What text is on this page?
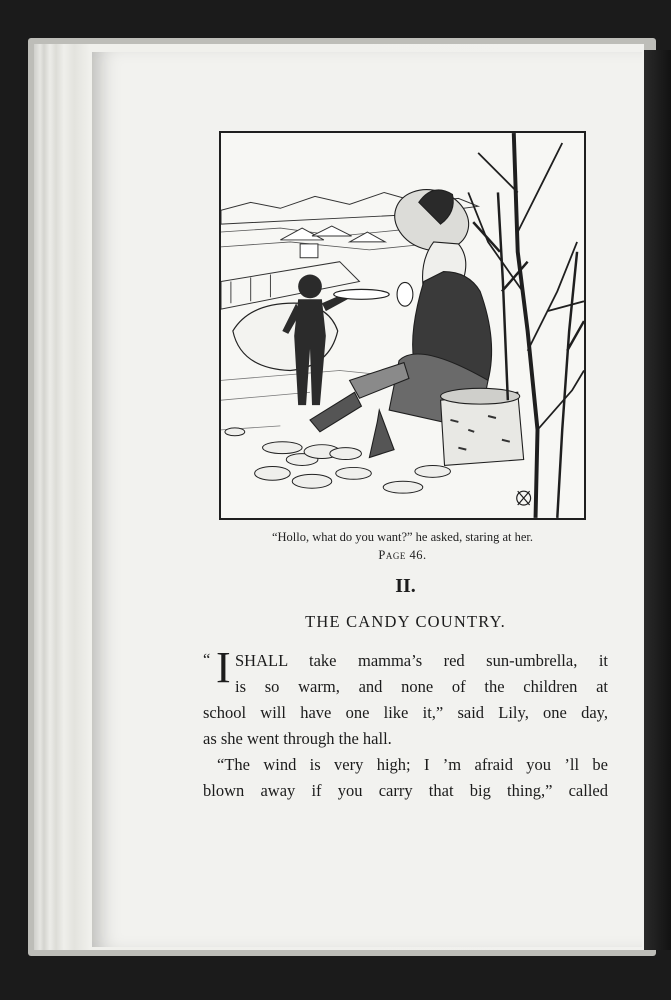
“Hollo, what do you want?” he asked, staring at her.
Page 46.
II.
THE CANDY COUNTRY.
“ I SHALL take mamma’s red sun-umbrella, it
is so warm, and none of the children at
school will have one like it,” said Lily, one day,
as she went through the hall.
“The wind is very high; I ’m afraid you ’ll be
blown away if you carry that big thing,” called
